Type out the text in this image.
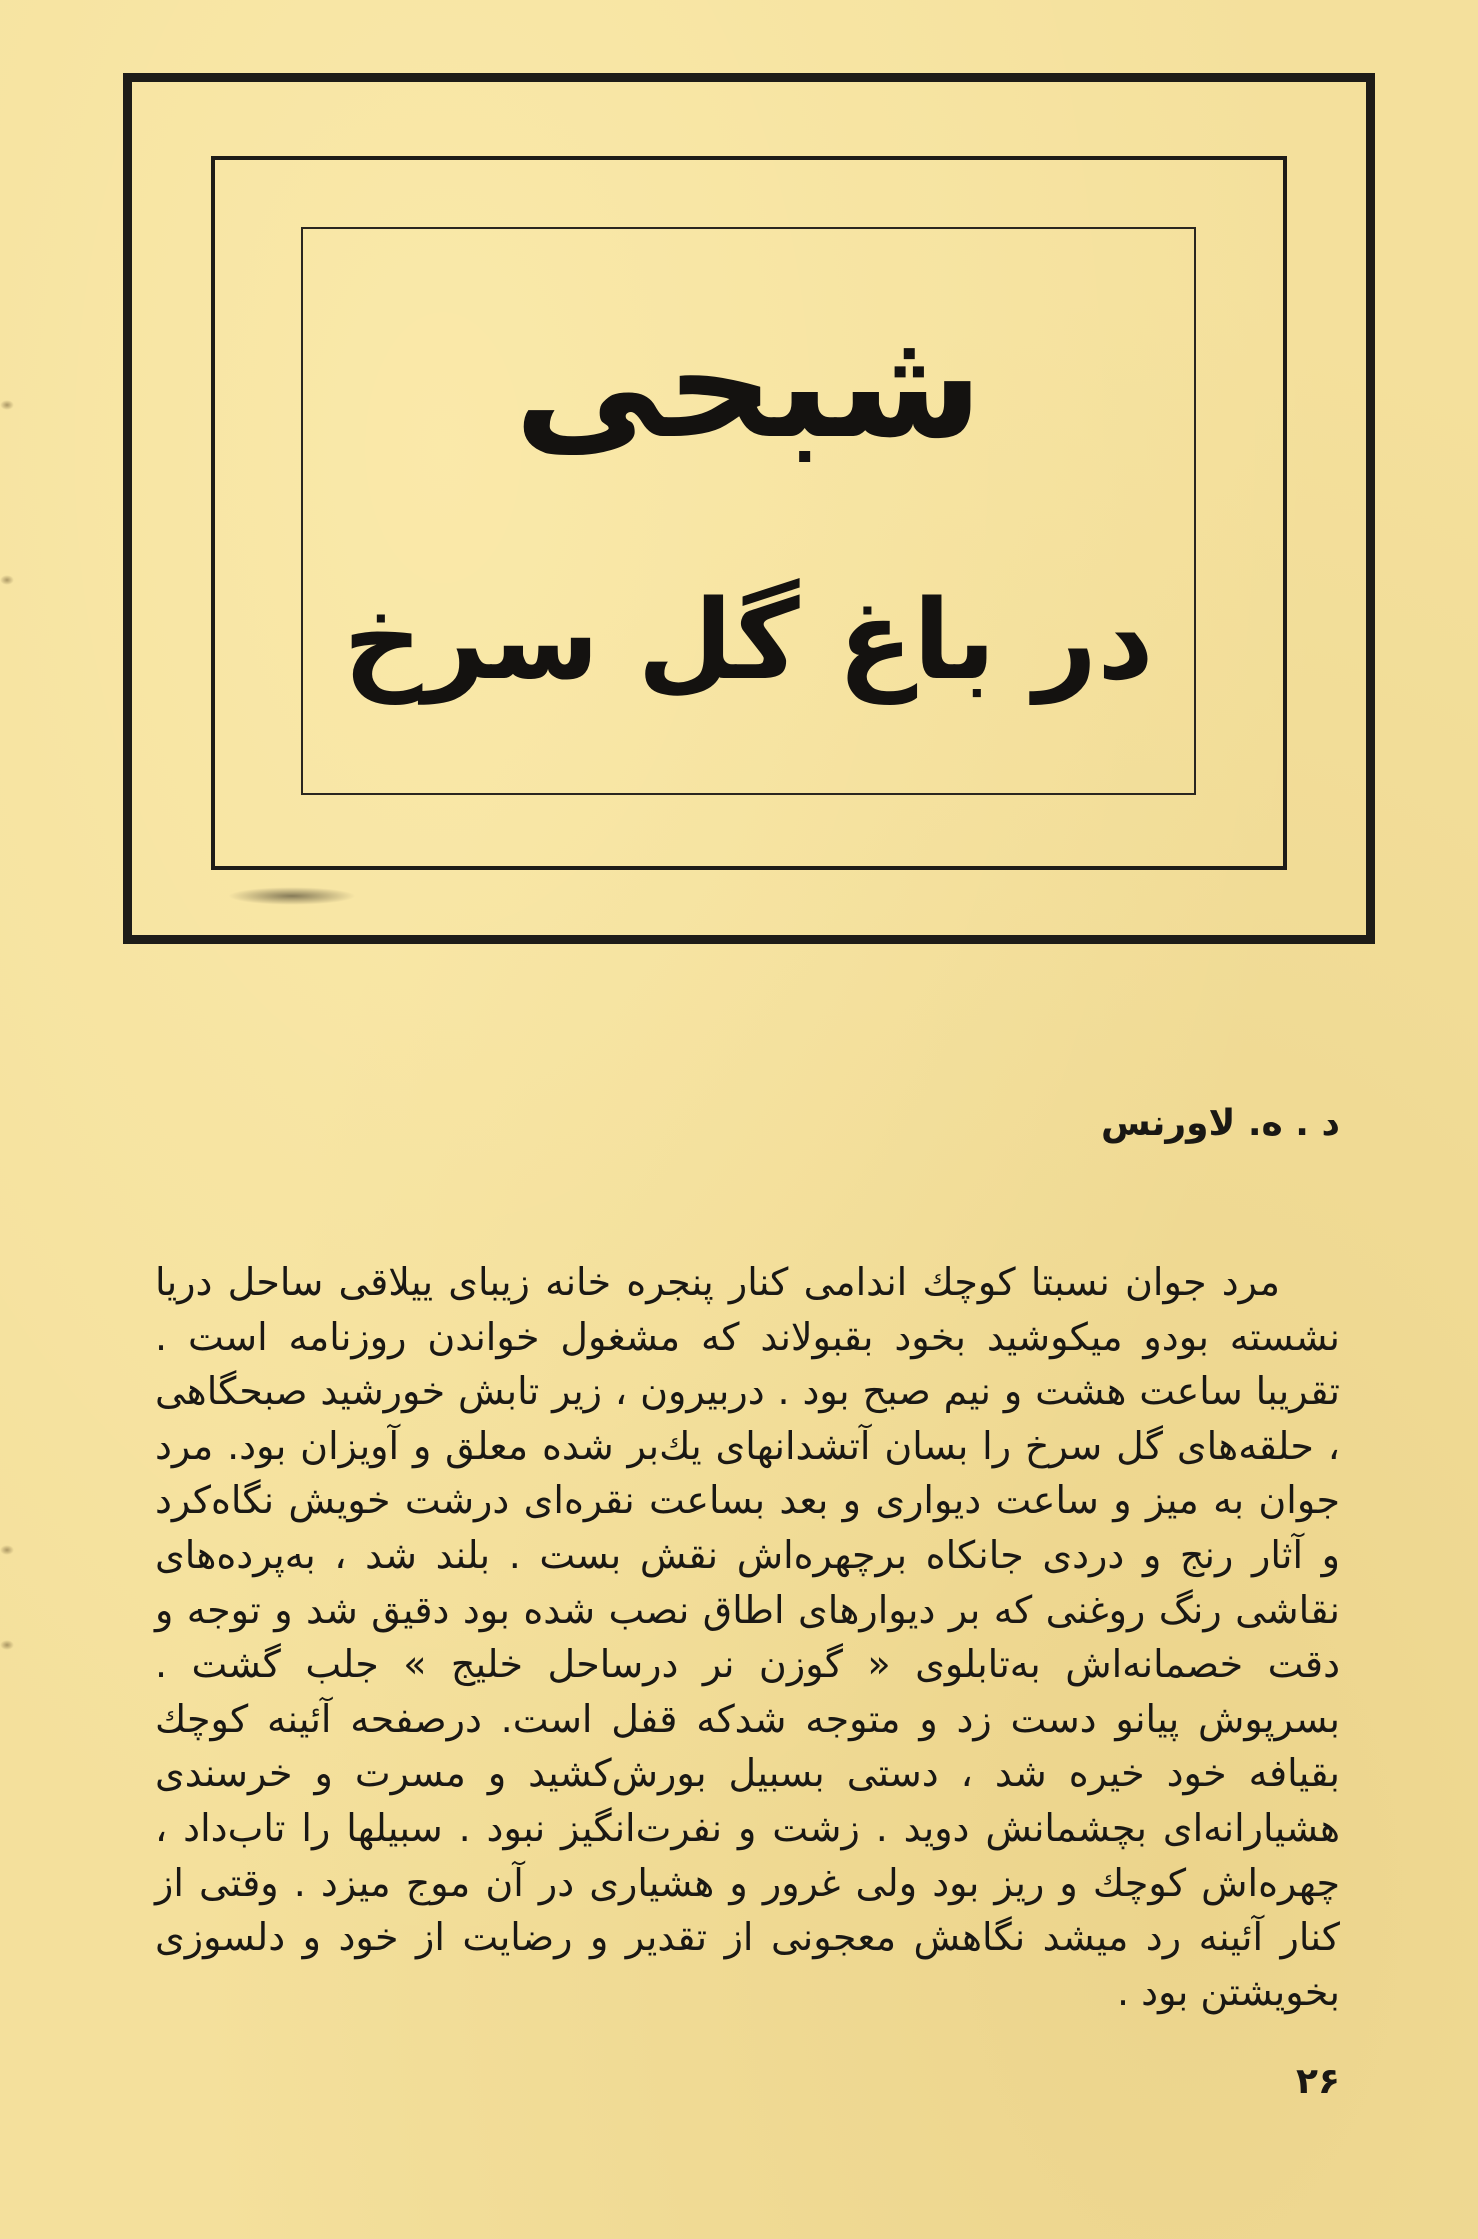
شبحی
در باغ گل سرخ
د . ه. لاورنس

مرد جوان نسبتا کوچك اندامی کنار پنجره خانه زیبای ییلاقی ساحل دریا نشسته بودو میکوشید بخود بقبولاند که مشغول خواندن روزنامه است . تقریبا ساعت هشت و نیم صبح بود . دربیرون ، زیر تابش خورشید صبحگاهی ، حلقه‌های گل سرخ را بسان آتشدانهای یك‌بر شده معلق و آویزان بود. مرد جوان به میز و ساعت دیواری و بعد بساعت نقره‌ای درشت خویش نگاه‌کرد و آثار رنج و دردی جانکاه برچهره‌اش نقش بست . بلند شد ، به‌پرده‌های نقاشی رنگ روغنی که بر دیوارهای اطاق نصب شده بود دقیق شد و توجه و دقت خصمانه‌اش به‌تابلوی « گوزن نر درساحل خلیج » جلب گشت . بسرپوش پیانو دست زد و متوجه شدکه قفل است. درصفحه آئینه کوچك بقیافه خود خیره شد ، دستی بسبیل بورش‌کشید و مسرت و خرسندی هشیارانه‌ای بچشمانش دوید . زشت و نفرت‌انگیز نبود . سبیلها را تاب‌داد ، چهره‌اش کوچك و ریز بود ولی غرور و هشیاری در آن موج میزد . وقتی از کنار آئینه رد میشد نگاهش معجونی از تقدیر و رضایت از خود و دلسوزی بخویشتن بود .

۲۶
